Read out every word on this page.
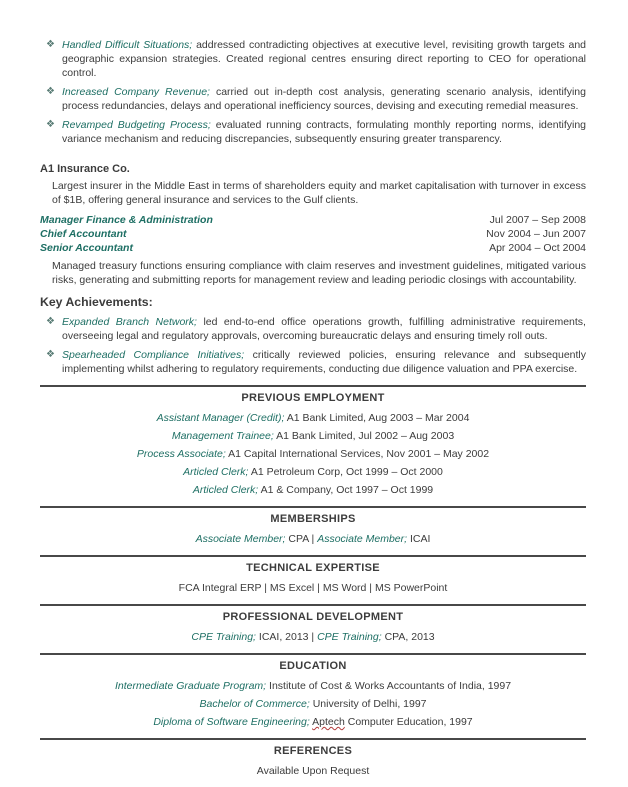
❖ Handled Difficult Situations; addressed contradicting objectives at executive level, revisiting growth targets and geographic expansion strategies. Created regional centres ensuring direct reporting to CEO for operational control.

❖ Increased Company Revenue; carried out in-depth cost analysis, generating scenario analysis, identifying process redundancies, delays and operational inefficiency sources, devising and executing remedial measures.

❖ Revamped Budgeting Process; evaluated running contracts, formulating monthly reporting norms, identifying variance mechanism and reducing discrepancies, subsequently ensuring greater transparency.

A1 Insurance Co.

Largest insurer in the Middle East in terms of shareholders equity and market capitalisation with turnover in excess of $1B, offering general insurance and services to the Gulf clients.

Manager Finance & Administration	Jul 2007 – Sep 2008
Chief Accountant	Nov 2004 – Jun 2007
Senior Accountant	Apr 2004 – Oct 2004

Managed treasury functions ensuring compliance with claim reserves and investment guidelines, mitigated various risks, generating and submitting reports for management review and leading periodic closings with accountability.

Key Achievements:
❖ Expanded Branch Network; led end-to-end office operations growth, fulfilling administrative requirements, overseeing legal and regulatory approvals, overcoming bureaucratic delays and ensuring timely roll outs.

❖ Spearheaded Compliance Initiatives; critically reviewed policies, ensuring relevance and subsequently implementing whilst adhering to regulatory requirements, conducting due diligence valuation and PPA exercise.

PREVIOUS EMPLOYMENT

Assistant Manager (Credit); A1 Bank Limited, Aug 2003 – Mar 2004

Management Trainee; A1 Bank Limited, Jul 2002 – Aug 2003

Process Associate; A1 Capital International Services, Nov 2001 – May 2002

Articled Clerk; A1 Petroleum Corp, Oct 1999 – Oct 2000

Articled Clerk; A1 & Company, Oct 1997 – Oct 1999

MEMBERSHIPS

Associate Member; CPA | Associate Member; ICAI

TECHNICAL EXPERTISE

FCA Integral ERP | MS Excel | MS Word | MS PowerPoint

PROFESSIONAL DEVELOPMENT

CPE Training; ICAI, 2013 | CPE Training; CPA, 2013

EDUCATION

Intermediate Graduate Program; Institute of Cost & Works Accountants of India, 1997

Bachelor of Commerce; University of Delhi, 1997

Diploma of Software Engineering; Aptech Computer Education, 1997

REFERENCES

Available Upon Request
